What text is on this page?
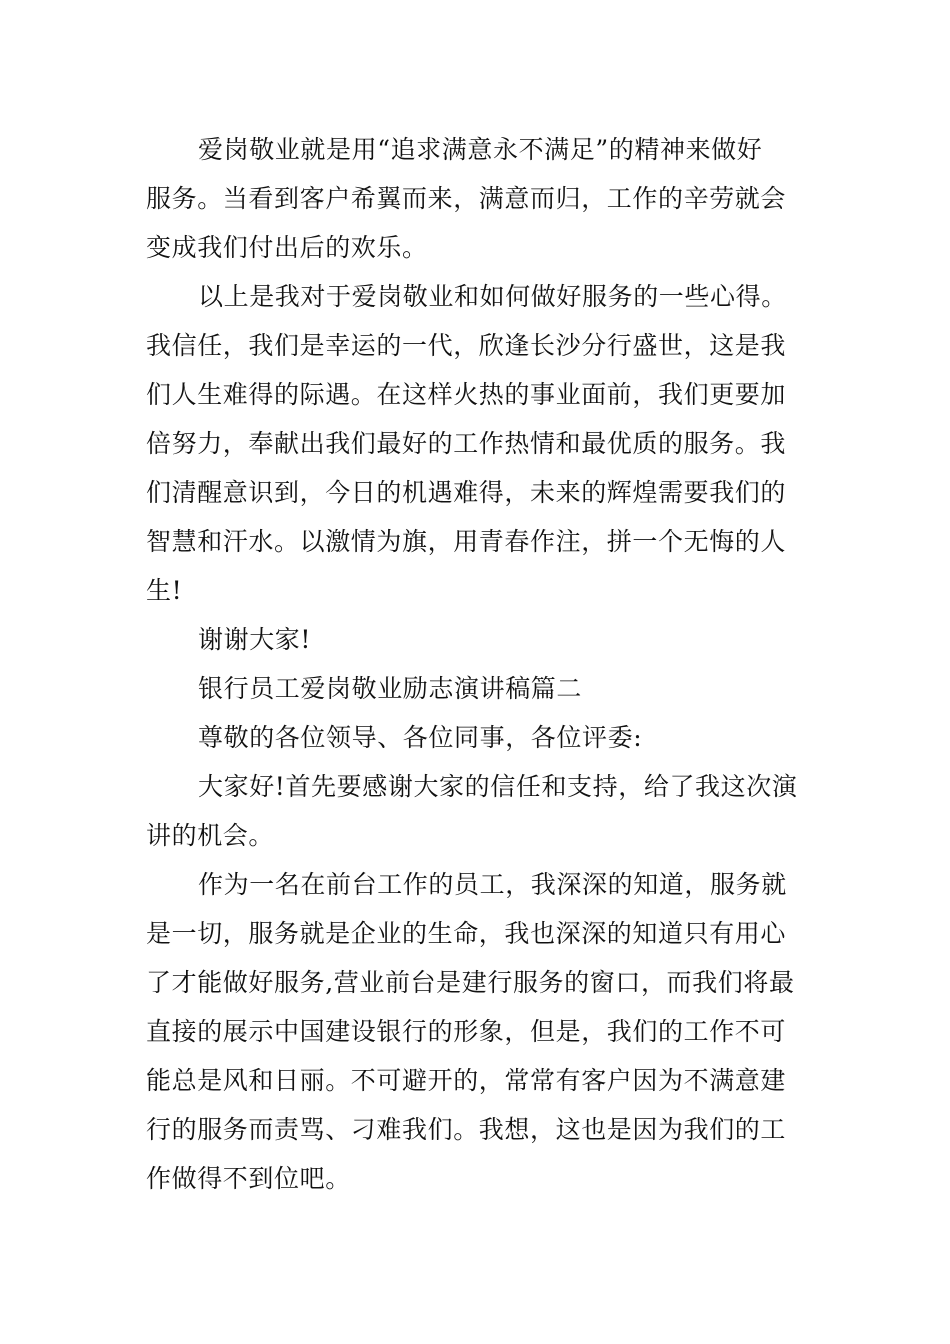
爱岗敬业就是用“追求满意永不满足”的精神来做好
服务。当看到客户希翼而来，满意而归，工作的辛劳就会
变成我们付出后的欢乐。
以上是我对于爱岗敬业和如何做好服务的一些心得。
我信任，我们是幸运的一代，欣逢长沙分行盛世，这是我
们人生难得的际遇。在这样火热的事业面前，我们更要加
倍努力，奉献出我们最好的工作热情和最优质的服务。我
们清醒意识到，今日的机遇难得，未来的辉煌需要我们的
智慧和汗水。以激情为旗，用青春作注，拼一个无悔的人
生!
谢谢大家!
银行员工爱岗敬业励志演讲稿篇二
尊敬的各位领导、各位同事，各位评委:
大家好!首先要感谢大家的信任和支持，给了我这次演
讲的机会。
作为一名在前台工作的员工，我深深的知道，服务就
是一切，服务就是企业的生命，我也深深的知道只有用心
了才能做好服务,营业前台是建行服务的窗口，而我们将最
直接的展示中国建设银行的形象，但是，我们的工作不可
能总是风和日丽。不可避开的，常常有客户因为不满意建
行的服务而责骂、刁难我们。我想，这也是因为我们的工
作做得不到位吧。
